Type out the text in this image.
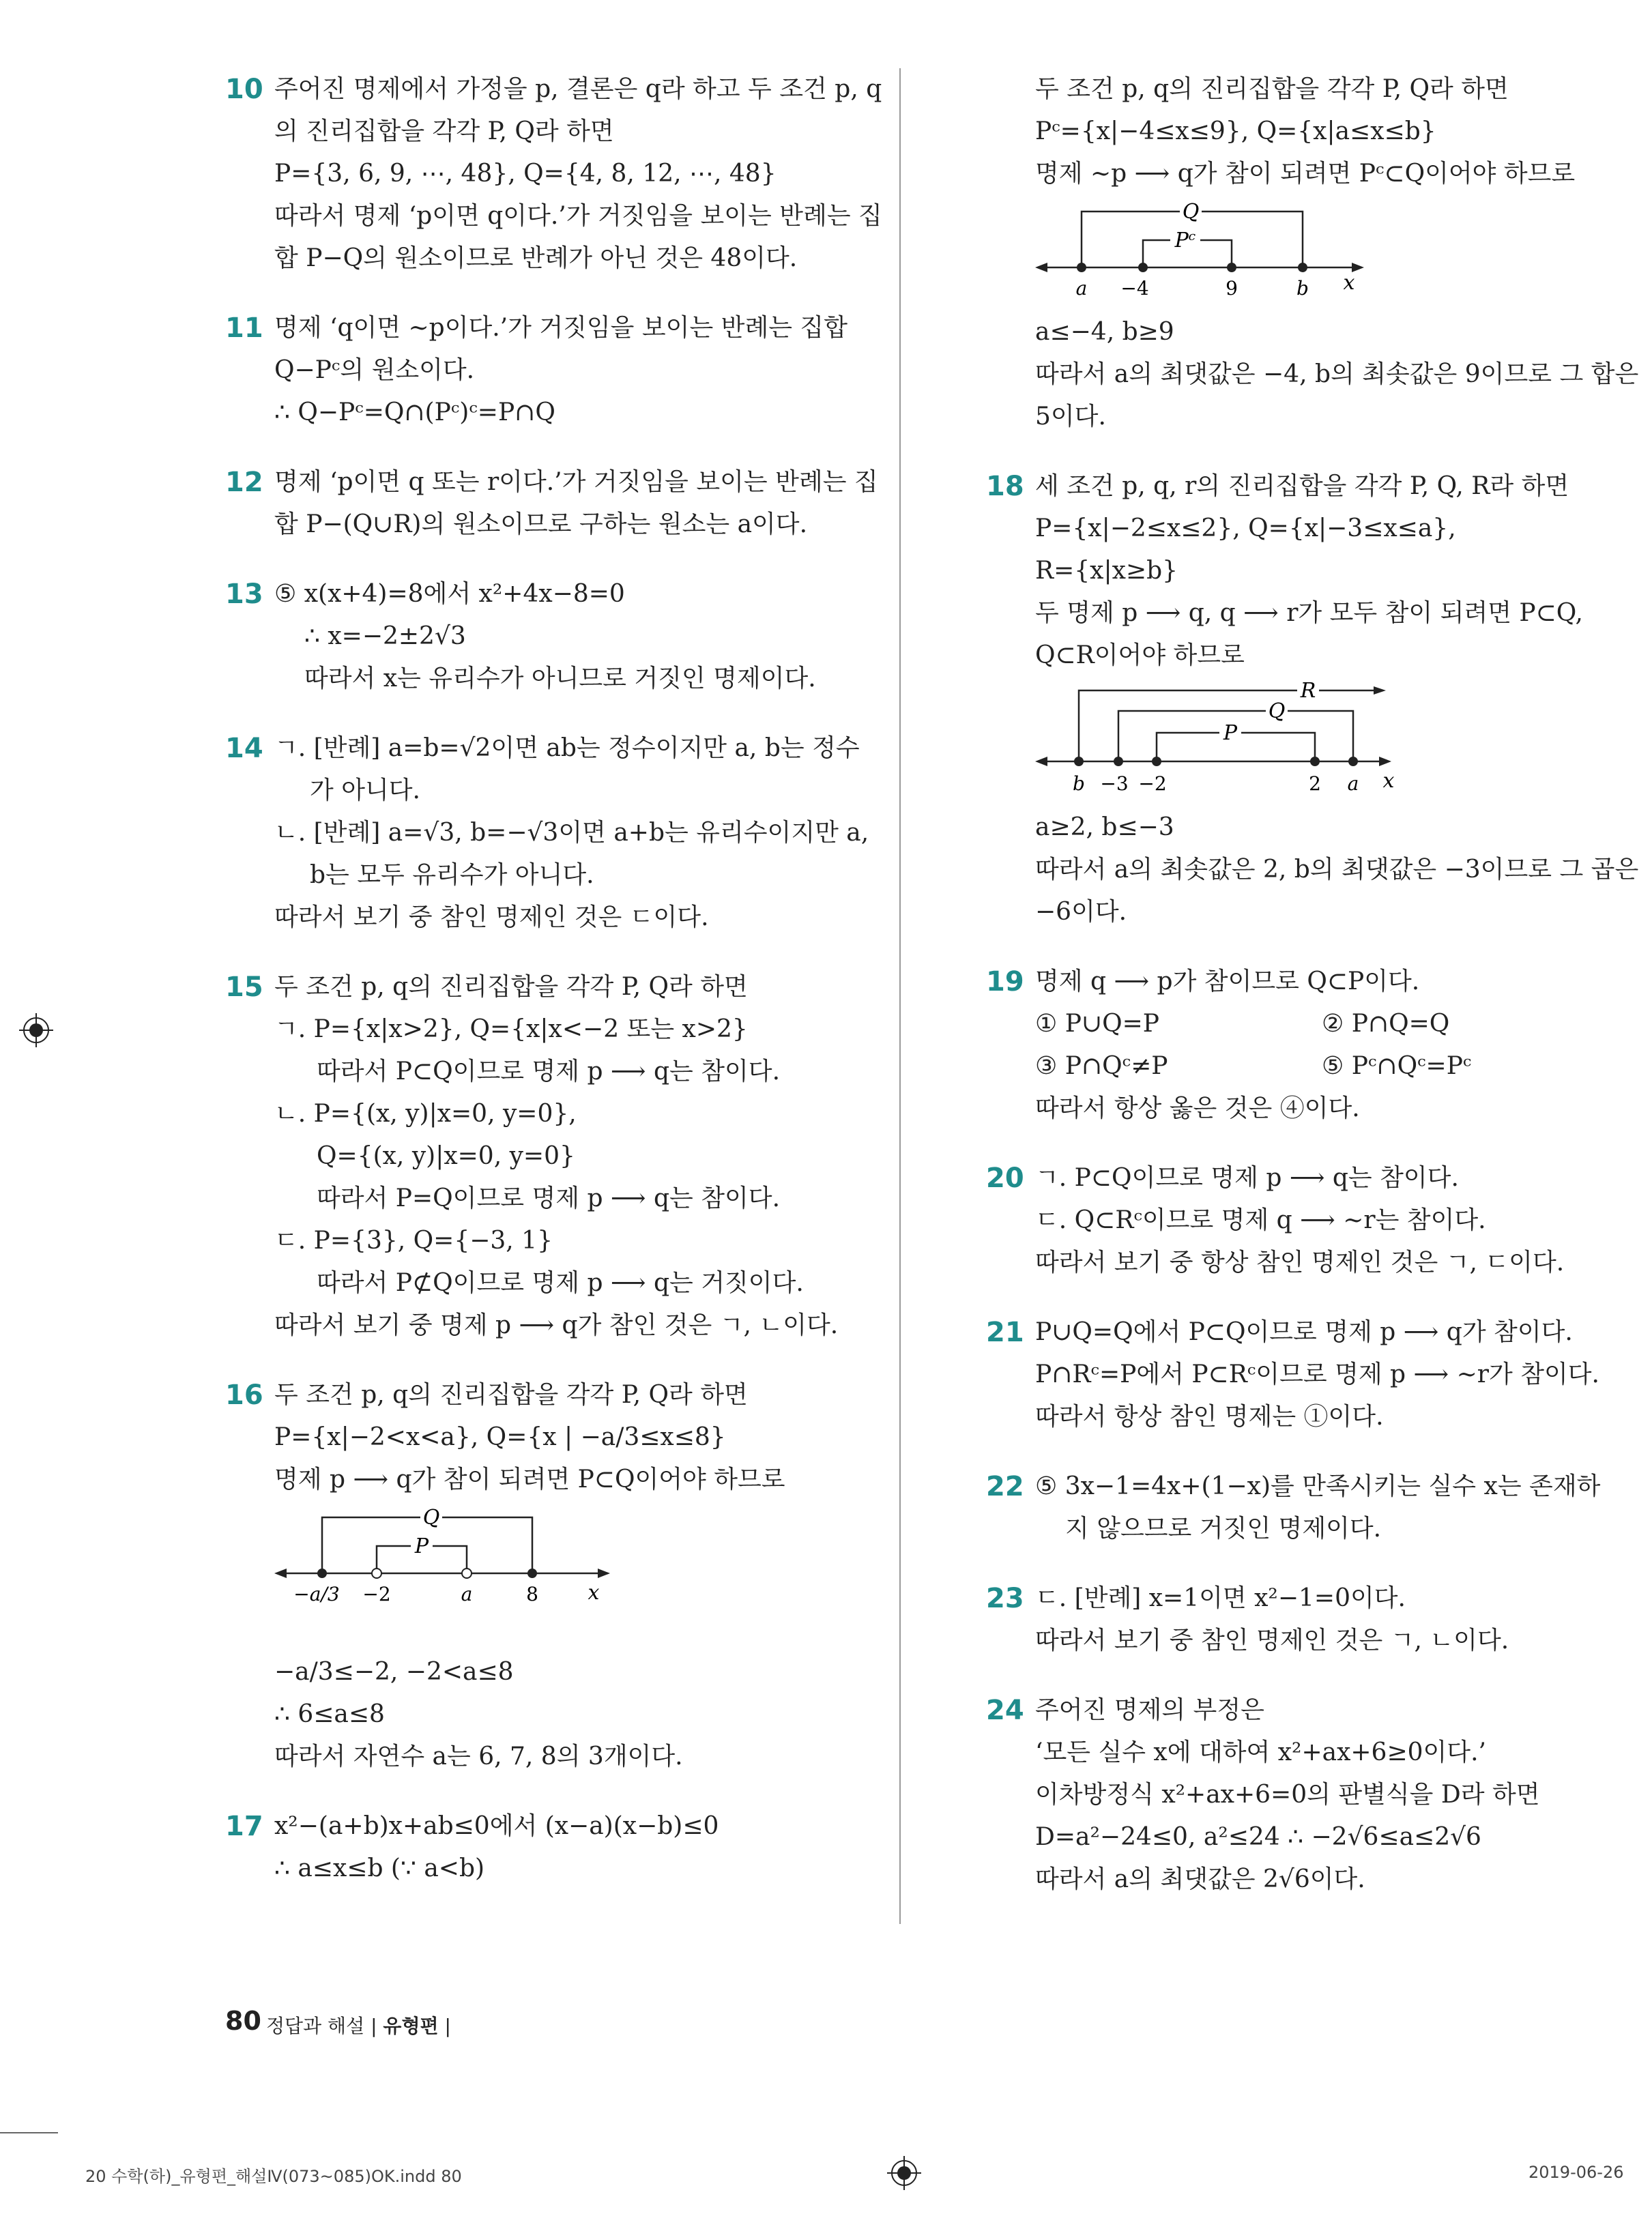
10 주어진 명제에서 가정을 p, 결론은 q라 하고 두 조건 p, q
의 진리집합을 각각 P, Q라 하면
P={3, 6, 9, ⋯, 48}, Q={4, 8, 12, ⋯, 48}
따라서 명제 ‘p이면 q이다.’가 거짓임을 보이는 반례는 집
합 P−Q의 원소이므로 반례가 아닌 것은 48이다.
11 명제 ‘q이면 ∼p이다.’가 거짓임을 보이는 반례는 집합
Q−Pᶜ의 원소이다.
∴ Q−Pᶜ=Q∩(Pᶜ)ᶜ=P∩Q
12 명제 ‘p이면 q 또는 r이다.’가 거짓임을 보이는 반례는 집
합 P−(Q∪R)의 원소이므로 구하는 원소는 a이다.
13 ⑤ x(x+4)=8에서 x²+4x−8=0
∴ x=−2±2√3
따라서 x는 유리수가 아니므로 거짓인 명제이다.
14 ㄱ. [반례] a=b=√2이면 ab는 정수이지만 a, b는 정수
가 아니다.
ㄴ. [반례] a=√3, b=−√3이면 a+b는 유리수이지만 a,
b는 모두 유리수가 아니다.
따라서 보기 중 참인 명제인 것은 ㄷ이다.
15 두 조건 p, q의 진리집합을 각각 P, Q라 하면
ㄱ. P={x|x>2}, Q={x|x<−2 또는 x>2}
따라서 P⊂Q이므로 명제 p ⟶ q는 참이다.
ㄴ. P={(x, y)|x=0, y=0},
Q={(x, y)|x=0, y=0}
따라서 P=Q이므로 명제 p ⟶ q는 참이다.
ㄷ. P={3}, Q={−3, 1}
따라서 P⊄Q이므로 명제 p ⟶ q는 거짓이다.
따라서 보기 중 명제 p ⟶ q가 참인 것은 ㄱ, ㄴ이다.
16 두 조건 p, q의 진리집합을 각각 P, Q라 하면
P={x|−2<x<a}, Q={x | −a/3≤x≤8}
명제 p ⟶ q가 참이 되려면 P⊂Q이어야 하므로
Q
P
−a/3 −2	a	8 x
−a/3≤−2, −2<a≤8
∴ 6≤a≤8
따라서 자연수 a는 6, 7, 8의 3개이다.
17 x²−(a+b)x+ab≤0에서 (x−a)(x−b)≤0
∴ a≤x≤b (∵ a<b)
두 조건 p, q의 진리집합을 각각 P, Q라 하면
Pᶜ={x|−4≤x≤9}, Q={x|a≤x≤b}
명제 ∼p ⟶ q가 참이 되려면 Pᶜ⊂Q이어야 하므로
Q
Pᶜ
a −4	9	b x
a≤−4, b≥9
따라서 a의 최댓값은 −4, b의 최솟값은 9이므로 그 합은
5이다.
18 세 조건 p, q, r의 진리집합을 각각 P, Q, R라 하면
P={x|−2≤x≤2}, Q={x|−3≤x≤a},
R={x|x≥b}
두 명제 p ⟶ q, q ⟶ r가 모두 참이 되려면 P⊂Q,
Q⊂R이어야 하므로
R
Q
P
b −3 −2	2 a x
a≥2, b≤−3
따라서 a의 최솟값은 2, b의 최댓값은 −3이므로 그 곱은
−6이다.
19 명제 q ⟶ p가 참이므로 Q⊂P이다.
① P∪Q=P	② P∩Q=Q
③ P∩Qᶜ≠P	⑤ Pᶜ∩Qᶜ=Pᶜ
따라서 항상 옳은 것은 ④이다.
20 ㄱ. P⊂Q이므로 명제 p ⟶ q는 참이다.
ㄷ. Q⊂Rᶜ이므로 명제 q ⟶ ∼r는 참이다.
따라서 보기 중 항상 참인 명제인 것은 ㄱ, ㄷ이다.
21 P∪Q=Q에서 P⊂Q이므로 명제 p ⟶ q가 참이다.
P∩Rᶜ=P에서 P⊂Rᶜ이므로 명제 p ⟶ ∼r가 참이다.
따라서 항상 참인 명제는 ①이다.
22 ⑤ 3x−1=4x+(1−x)를 만족시키는 실수 x는 존재하
지 않으므로 거짓인 명제이다.
23 ㄷ. [반례] x=1이면 x²−1=0이다.
따라서 보기 중 참인 명제인 것은 ㄱ, ㄴ이다.
24 주어진 명제의 부정은
‘모든 실수 x에 대하여 x²+ax+6≥0이다.’
이차방정식 x²+ax+6=0의 판별식을 D라 하면
D=a²−24≤0, a²≤24 ∴ −2√6≤a≤2√6
따라서 a의 최댓값은 2√6이다.
80 정답과 해설 | 유형편 |
20 수학(하)_유형편_해설Ⅳ(073~085)OK.indd 80	2019-06-26
